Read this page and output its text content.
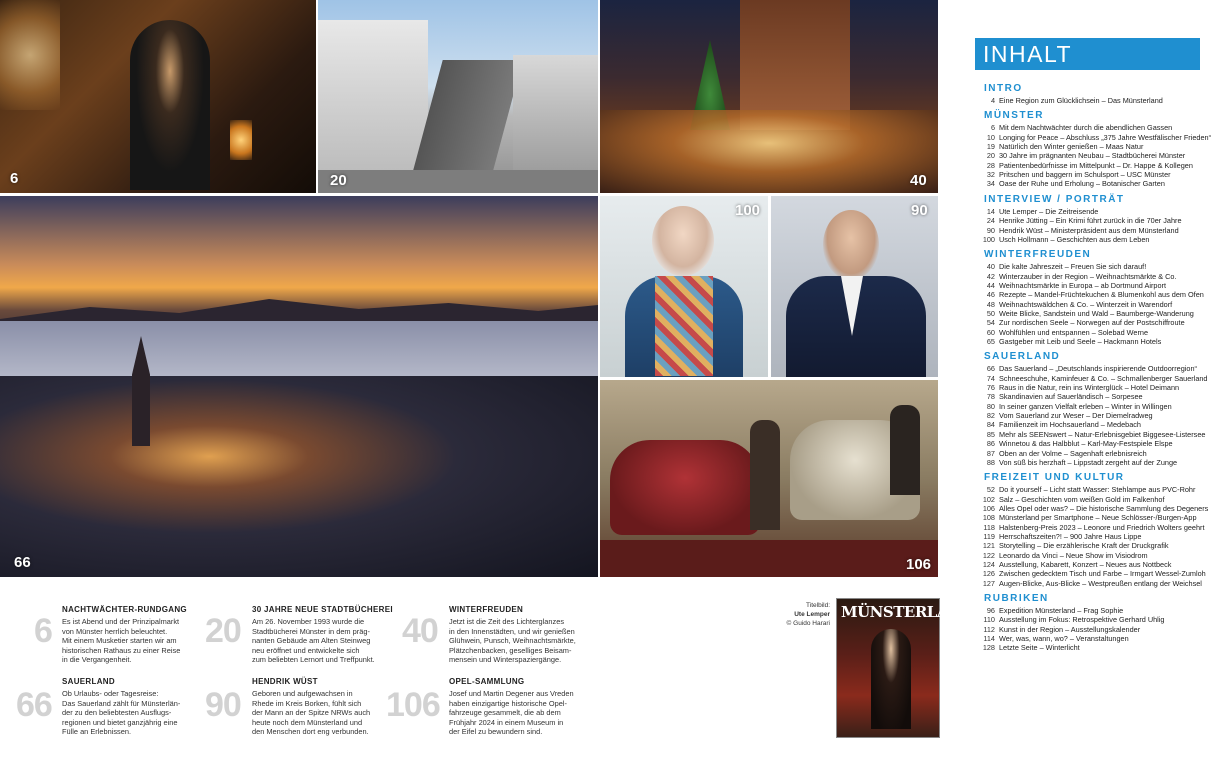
6	20	40
66
100	90
106
6
NACHTWÄCHTER-RUNDGANG
Es ist Abend und der Prinzipalmarkt
von Münster herrlich beleuchtet.
Mit einem Musketier starten wir am
historischen Rathaus zu einer Reise
in die Vergangenheit.
20
30 JAHRE NEUE STADTBÜCHEREI
Am 26. November 1993 wurde die
Stadtbücherei Münster in dem präg-
nanten Gebäude am Alten Steinweg
neu eröffnet und entwickelte sich
zum beliebten Lernort und Treffpunkt.
40
WINTERFREUDEN
Jetzt ist die Zeit des Lichterglanzes
in den Innenstädten, und wir genießen
Glühwein, Punsch, Weihnachtsmärkte,
Plätzchenbacken, geselliges Beisam-
mensein und Winterspaziergänge.
66
SAUERLAND
Ob Urlaubs- oder Tagesreise:
Das Sauerland zählt für Münsterlän-
der zu den beliebtesten Ausflugs-
regionen und bietet ganzjährig eine
Fülle an Erlebnissen.
90
HENDRIK WÜST
Geboren und aufgewachsen in
Rhede im Kreis Borken, fühlt sich
der Mann an der Spitze NRWs auch
heute noch dem Münsterland und
den Menschen dort eng verbunden.
106
OPEL-SAMMLUNG
Josef und Martin Degener aus Vreden
haben einzigartige historische Opel-
fahrzeuge gesammelt, die ab dem
Frühjahr 2024 in einem Museum in
der Eifel zu bewundern sind.
Titelbild:
Ute Lemper
© Guido Harari
MÜNSTERLAND
INHALT
INTRO
4 Eine Region zum Glücklichsein – Das Münsterland
MÜNSTER
6 Mit dem Nachtwächter durch die abendlichen Gassen
10 Longing for Peace – Abschluss „375 Jahre Westfälischer Frieden“
19 Natürlich den Winter genießen – Maas Natur
20 30 Jahre im prägnanten Neubau – Stadtbücherei Münster
28 Patientenbedürfnisse im Mittelpunkt – Dr. Happe & Kollegen
32 Pritschen und baggern im Schulsport – USC Münster
34 Oase der Ruhe und Erholung – Botanischer Garten
INTERVIEW / PORTRÄT
14 Ute Lemper – Die Zeitreisende
24 Henrike Jütting – Ein Krimi führt zurück in die 70er Jahre
90 Hendrik Wüst – Ministerpräsident aus dem Münsterland
100 Usch Hollmann – Geschichten aus dem Leben
WINTERFREUDEN
40 Die kalte Jahreszeit – Freuen Sie sich darauf!
42 Winterzauber in der Region – Weihnachtsmärkte & Co.
44 Weihnachtsmärkte in Europa – ab Dortmund Airport
46 Rezepte – Mandel-Früchtekuchen & Blumenkohl aus dem Ofen
48 Weihnachtswäldchen & Co. – Winterzeit in Warendorf
50 Weite Blicke, Sandstein und Wald – Baumberge-Wanderung
54 Zur nordischen Seele – Norwegen auf der Postschiffroute
60 Wohlfühlen und entspannen – Solebad Werne
65 Gastgeber mit Leib und Seele – Hackmann Hotels
SAUERLAND
66 Das Sauerland – „Deutschlands inspirierende Outdoorregion“
74 Schneeschuhe, Kaminfeuer & Co. – Schmallenberger Sauerland
76 Raus in die Natur, rein ins Winterglück – Hotel Deimann
78 Skandinavien auf Sauerländisch – Sorpesee
80 In seiner ganzen Vielfalt erleben – Winter in Willingen
82 Vom Sauerland zur Weser – Der Diemelradweg
84 Familienzeit im Hochsauerland – Medebach
85 Mehr als SEENswert – Natur-Erlebnisgebiet Biggesee-Listersee
86 Winnetou & das Halbblut – Karl-May-Festspiele Elspe
87 Oben an der Volme – Sagenhaft erlebnisreich
88 Von süß bis herzhaft – Lippstadt zergeht auf der Zunge
FREIZEIT UND KULTUR
52 Do it yourself – Licht statt Wasser: Stehlampe aus PVC-Rohr
102 Salz – Geschichten vom weißen Gold im Falkenhof
106 Alles Opel oder was? – Die historische Sammlung des Degeners
108 Münsterland per Smartphone – Neue Schlösser-/Burgen-App
118 Halstenberg-Preis 2023 – Leonore und Friedrich Wolters geehrt
119 Herrschaftszeiten?! – 900 Jahre Haus Lippe
121 Storytelling – Die erzählerische Kraft der Druckgrafik
122 Leonardo da Vinci – Neue Show im Visiodrom
124 Ausstellung, Kabarett, Konzert – Neues aus Nottbeck
126 Zwischen gedecktem Tisch und Farbe – Irmgart Wessel-Zumloh
127 Augen-Blicke, Aus-Blicke – Westpreußen entlang der Weichsel
RUBRIKEN
96 Expedition Münsterland – Frag Sophie
110 Ausstellung im Fokus: Retrospektive Gerhard Uhlig
112 Kunst in der Region – Ausstellungskalender
114 Wer, was, wann, wo? – Veranstaltungen
128 Letzte Seite – Winterlicht
